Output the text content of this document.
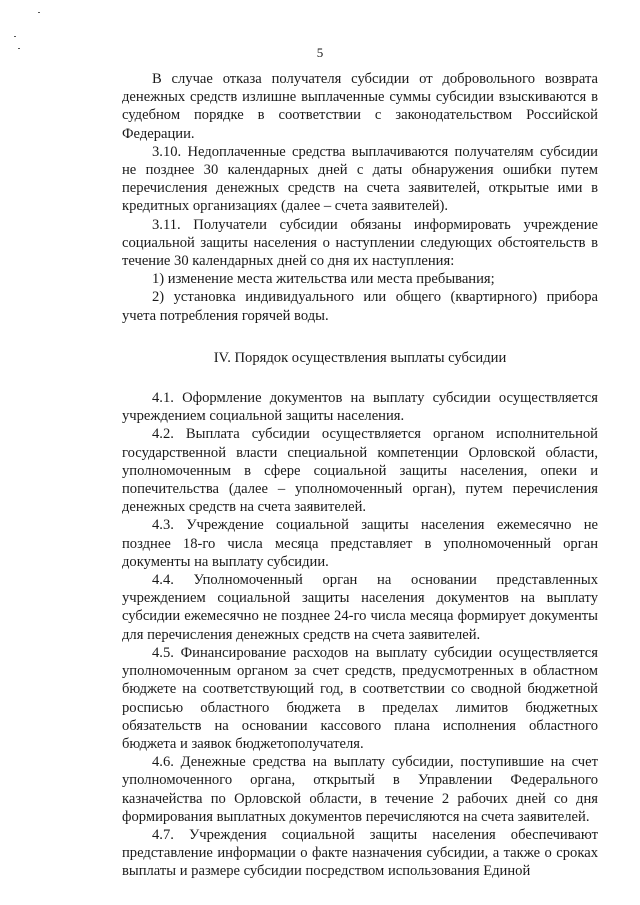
5

В случае отказа получателя субсидии от добровольного возврата денежных средств излишне выплаченные суммы субсидии взыскиваются в судебном порядке в соответствии с законодательством Российской Федерации.

3.10. Недоплаченные средства выплачиваются получателям субсидии не позднее 30 календарных дней с даты обнаружения ошибки путем перечисления денежных средств на счета заявителей, открытые ими в кредитных организациях (далее – счета заявителей).

3.11. Получатели субсидии обязаны информировать учреждение социальной защиты населения о наступлении следующих обстоятельств в течение 30 календарных дней со дня их наступления:

1) изменение места жительства или места пребывания;

2) установка индивидуального или общего (квартирного) прибора учета потребления горячей воды.

IV. Порядок осуществления выплаты субсидии

4.1. Оформление документов на выплату субсидии осуществляется учреждением социальной защиты населения.

4.2. Выплата субсидии осуществляется органом исполнительной государственной власти специальной компетенции Орловской области, уполномоченным в сфере социальной защиты населения, опеки и попечительства (далее – уполномоченный орган), путем перечисления денежных средств на счета заявителей.

4.3. Учреждение социальной защиты населения ежемесячно не позднее 18-го числа месяца представляет в уполномоченный орган документы на выплату субсидии.

4.4. Уполномоченный орган на основании представленных учреждением социальной защиты населения документов на выплату субсидии ежемесячно не позднее 24-го числа месяца формирует документы для перечисления денежных средств на счета заявителей.

4.5. Финансирование расходов на выплату субсидии осуществляется уполномоченным органом за счет средств, предусмотренных в областном бюджете на соответствующий год, в соответствии со сводной бюджетной росписью областного бюджета в пределах лимитов бюджетных обязательств на основании кассового плана исполнения областного бюджета и заявок бюджетополучателя.

4.6. Денежные средства на выплату субсидии, поступившие на счет уполномоченного органа, открытый в Управлении Федерального казначейства по Орловской области, в течение 2 рабочих дней со дня формирования выплатных документов перечисляются на счета заявителей.

4.7. Учреждения социальной защиты населения обеспечивают представление информации о факте назначения субсидии, а также о сроках выплаты и размере субсидии посредством использования Единой
